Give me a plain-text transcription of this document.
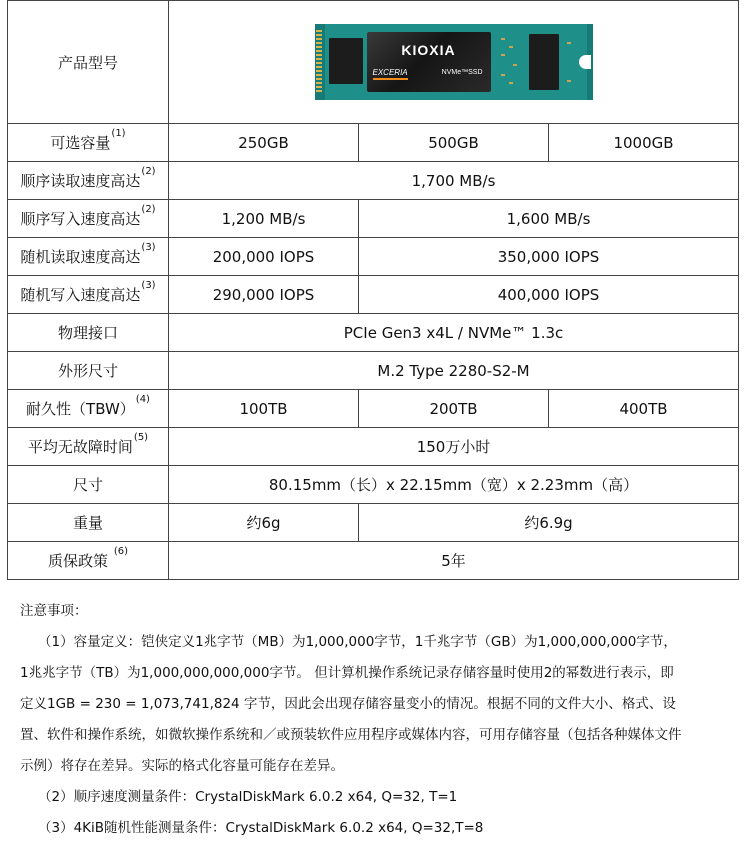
产品型号	KIOXIA
EXCERIA NVMe™SSD		

可选容量$^{(1)}$	250GB	500GB	1000GB
顺序读取速度高达$^{(2)}$	1,700 MB/s		
顺序写入速度高达$^{(2)}$	1,200 MB/s	1,600 MB/s	
随机读取速度高达$^{(3)}$	200,000 IOPS	350,000 IOPS	
随机写入速度高达$^{(3)}$	290,000 IOPS	400,000 IOPS	
物理接口	PCIe Gen3 x4L / NVMe™ 1.3c		
外形尺寸	M.2 Type 2280-S2-M		
耐久性（TBW）$^{(4)}$	100TB	200TB	400TB
平均无故障时间$^{(5)}$	150万小时		
尺寸	80.15mm（长）x 22.15mm（宽）x 2.23mm（高）		
重量	约6g	约6.9g	
质保政策 $^{(6)}$	5年		

注意事项：

（1）容量定义：铠侠定义1兆字节（MB）为1,000,000字节，1千兆字节（GB）为1,000,000,000字节，

1兆兆字节（TB）为1,000,000,000,000字节。 但计算机操作系统记录存储容量时使用2的幂数进行表示，即

定义1GB = 230 = 1,073,741,824 字节，因此会出现存储容量变小的情况。根据不同的文件大小、格式、设

置、软件和操作系统，如微软操作系统和／或预装软件应用程序或媒体内容，可用存储容量（包括各种媒体文件

示例）将存在差异。实际的格式化容量可能存在差异。

（2）顺序速度测量条件：CrystalDiskMark 6.0.2 x64, Q=32, T=1

（3）4KiB随机性能测量条件：CrystalDiskMark 6.0.2 x64, Q=32,T=8
